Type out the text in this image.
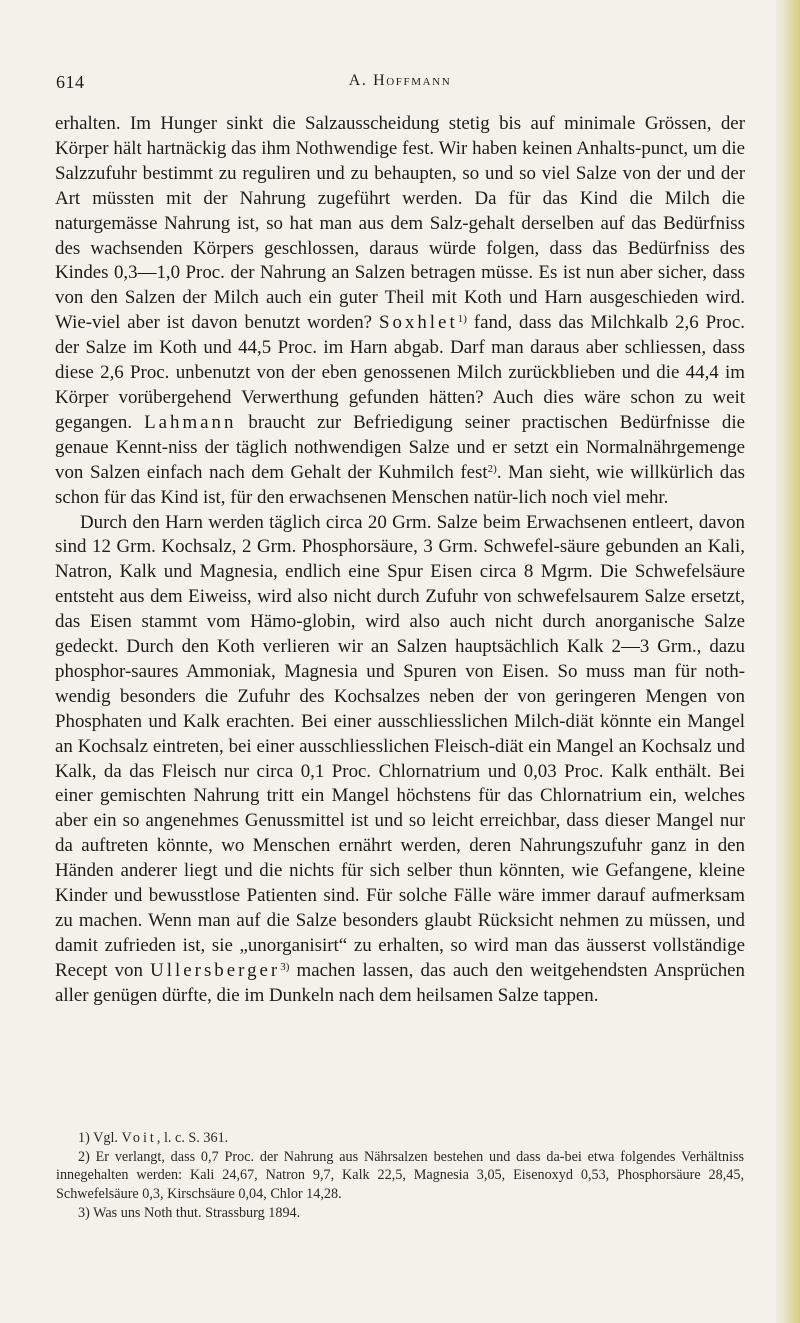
614	A. Hoffmann

erhalten. Im Hunger sinkt die Salzausscheidung stetig bis auf minimale Grössen, der Körper hält hartnäckig das ihm Nothwendige fest. Wir haben keinen Anhalts-punct, um die Salzzufuhr bestimmt zu reguliren und zu behaupten, so und so viel Salze von der und der Art müssten mit der Nahrung zugeführt werden. Da für das Kind die Milch die naturgemässe Nahrung ist, so hat man aus dem Salz-gehalt derselben auf das Bedürfniss des wachsenden Körpers geschlossen, daraus würde folgen, dass das Bedürfniss des Kindes 0,3—1,0 Proc. der Nahrung an Salzen betragen müsse. Es ist nun aber sicher, dass von den Salzen der Milch auch ein guter Theil mit Koth und Harn ausgeschieden wird. Wie-viel aber ist davon benutzt worden? Soxhlet$^{1)}$ fand, dass das Milchkalb 2,6 Proc. der Salze im Koth und 44,5 Proc. im Harn abgab. Darf man daraus aber schliessen, dass diese 2,6 Proc. unbenutzt von der eben genossenen Milch zurückblieben und die 44,4 im Körper vorübergehend Verwerthung gefunden hätten? Auch dies wäre schon zu weit gegangen. Lahmann braucht zur Befriedigung seiner practischen Bedürfnisse die genaue Kennt-niss der täglich nothwendigen Salze und er setzt ein Normalnährgemenge von Salzen einfach nach dem Gehalt der Kuhmilch fest$^{2)}$. Man sieht, wie willkürlich das schon für das Kind ist, für den erwachsenen Menschen natür-lich noch viel mehr.

Durch den Harn werden täglich circa 20 Grm. Salze beim Erwachsenen entleert, davon sind 12 Grm. Kochsalz, 2 Grm. Phosphorsäure, 3 Grm. Schwefel-säure gebunden an Kali, Natron, Kalk und Magnesia, endlich eine Spur Eisen circa 8 Mgrm. Die Schwefelsäure entsteht aus dem Eiweiss, wird also nicht durch Zufuhr von schwefelsaurem Salze ersetzt, das Eisen stammt vom Hämo-globin, wird also auch nicht durch anorganische Salze gedeckt. Durch den Koth verlieren wir an Salzen hauptsächlich Kalk 2—3 Grm., dazu phosphor-saures Ammoniak, Magnesia und Spuren von Eisen. So muss man für noth-wendig besonders die Zufuhr des Kochsalzes neben der von geringeren Mengen von Phosphaten und Kalk erachten. Bei einer ausschliesslichen Milch-diät könnte ein Mangel an Kochsalz eintreten, bei einer ausschliesslichen Fleisch-diät ein Mangel an Kochsalz und Kalk, da das Fleisch nur circa 0,1 Proc. Chlornatrium und 0,03 Proc. Kalk enthält. Bei einer gemischten Nahrung tritt ein Mangel höchstens für das Chlornatrium ein, welches aber ein so angenehmes Genussmittel ist und so leicht erreichbar, dass dieser Mangel nur da auftreten könnte, wo Menschen ernährt werden, deren Nahrungszufuhr ganz in den Händen anderer liegt und die nichts für sich selber thun könnten, wie Gefangene, kleine Kinder und bewusstlose Patienten sind. Für solche Fälle wäre immer darauf aufmerksam zu machen. Wenn man auf die Salze besonders glaubt Rücksicht nehmen zu müssen, und damit zufrieden ist, sie „unorganisirt“ zu erhalten, so wird man das äusserst vollständige Recept von Ullersberger$^{3)}$ machen lassen, das auch den weitgehendsten Ansprüchen aller genügen dürfte, die im Dunkeln nach dem heilsamen Salze tappen.

1) Vgl. Voit, l. c. S. 361.

2) Er verlangt, dass 0,7 Proc. der Nahrung aus Nährsalzen bestehen und dass da-bei etwa folgendes Verhältniss innegehalten werden: Kali 24,67, Natron 9,7, Kalk 22,5, Magnesia 3,05, Eisenoxyd 0,53, Phosphorsäure 28,45, Schwefelsäure 0,3, Kirschsäure 0,04, Chlor 14,28.

3) Was uns Noth thut. Strassburg 1894.
